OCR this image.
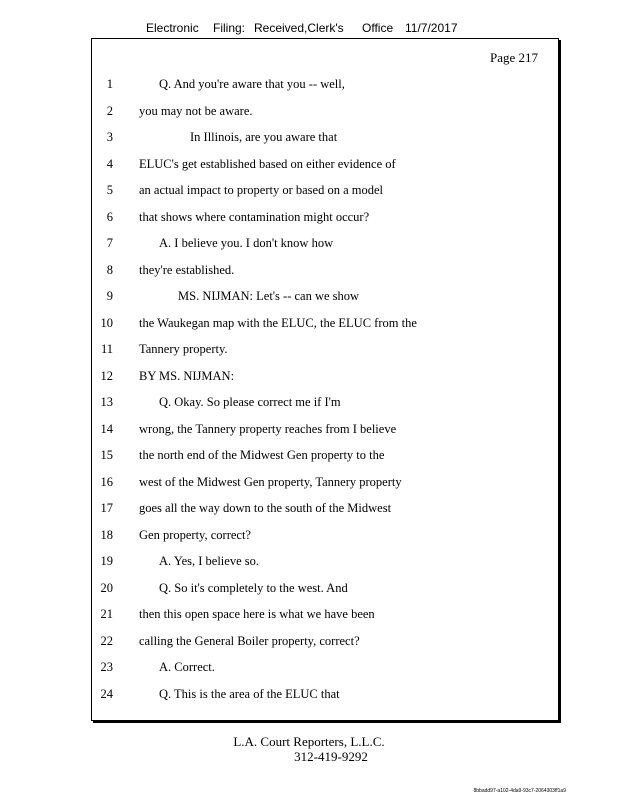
Electronic Filing: Received,Clerk's Office 11/7/2017
Page 217
1	Q. And you're aware that you -- well,
2 you may not be aware.
3	In Illinois, are you aware that
4 ELUC's get established based on either evidence of
5 an actual impact to property or based on a model
6 that shows where contamination might occur?
7	A. I believe you. I don't know how
8 they're established.
9	MS. NIJMAN: Let's -- can we show
10 the Waukegan map with the ELUC, the ELUC from the
11 Tannery property.
12 BY MS. NIJMAN:
13	Q. Okay. So please correct me if I'm
14 wrong, the Tannery property reaches from I believe
15 the north end of the Midwest Gen property to the
16 west of the Midwest Gen property, Tannery property
17 goes all the way down to the south of the Midwest
18 Gen property, correct?
19	A. Yes, I believe so.
20	Q. So it's completely to the west. And
21 then this open space here is what we have been
22 calling the General Boiler property, correct?
23	A. Correct.
24	Q. This is the area of the ELUC that
L.A. Court Reporters, L.L.C.
312-419-9292
8bbadd97-a102-4da9-93c7-2064303ff1a9
